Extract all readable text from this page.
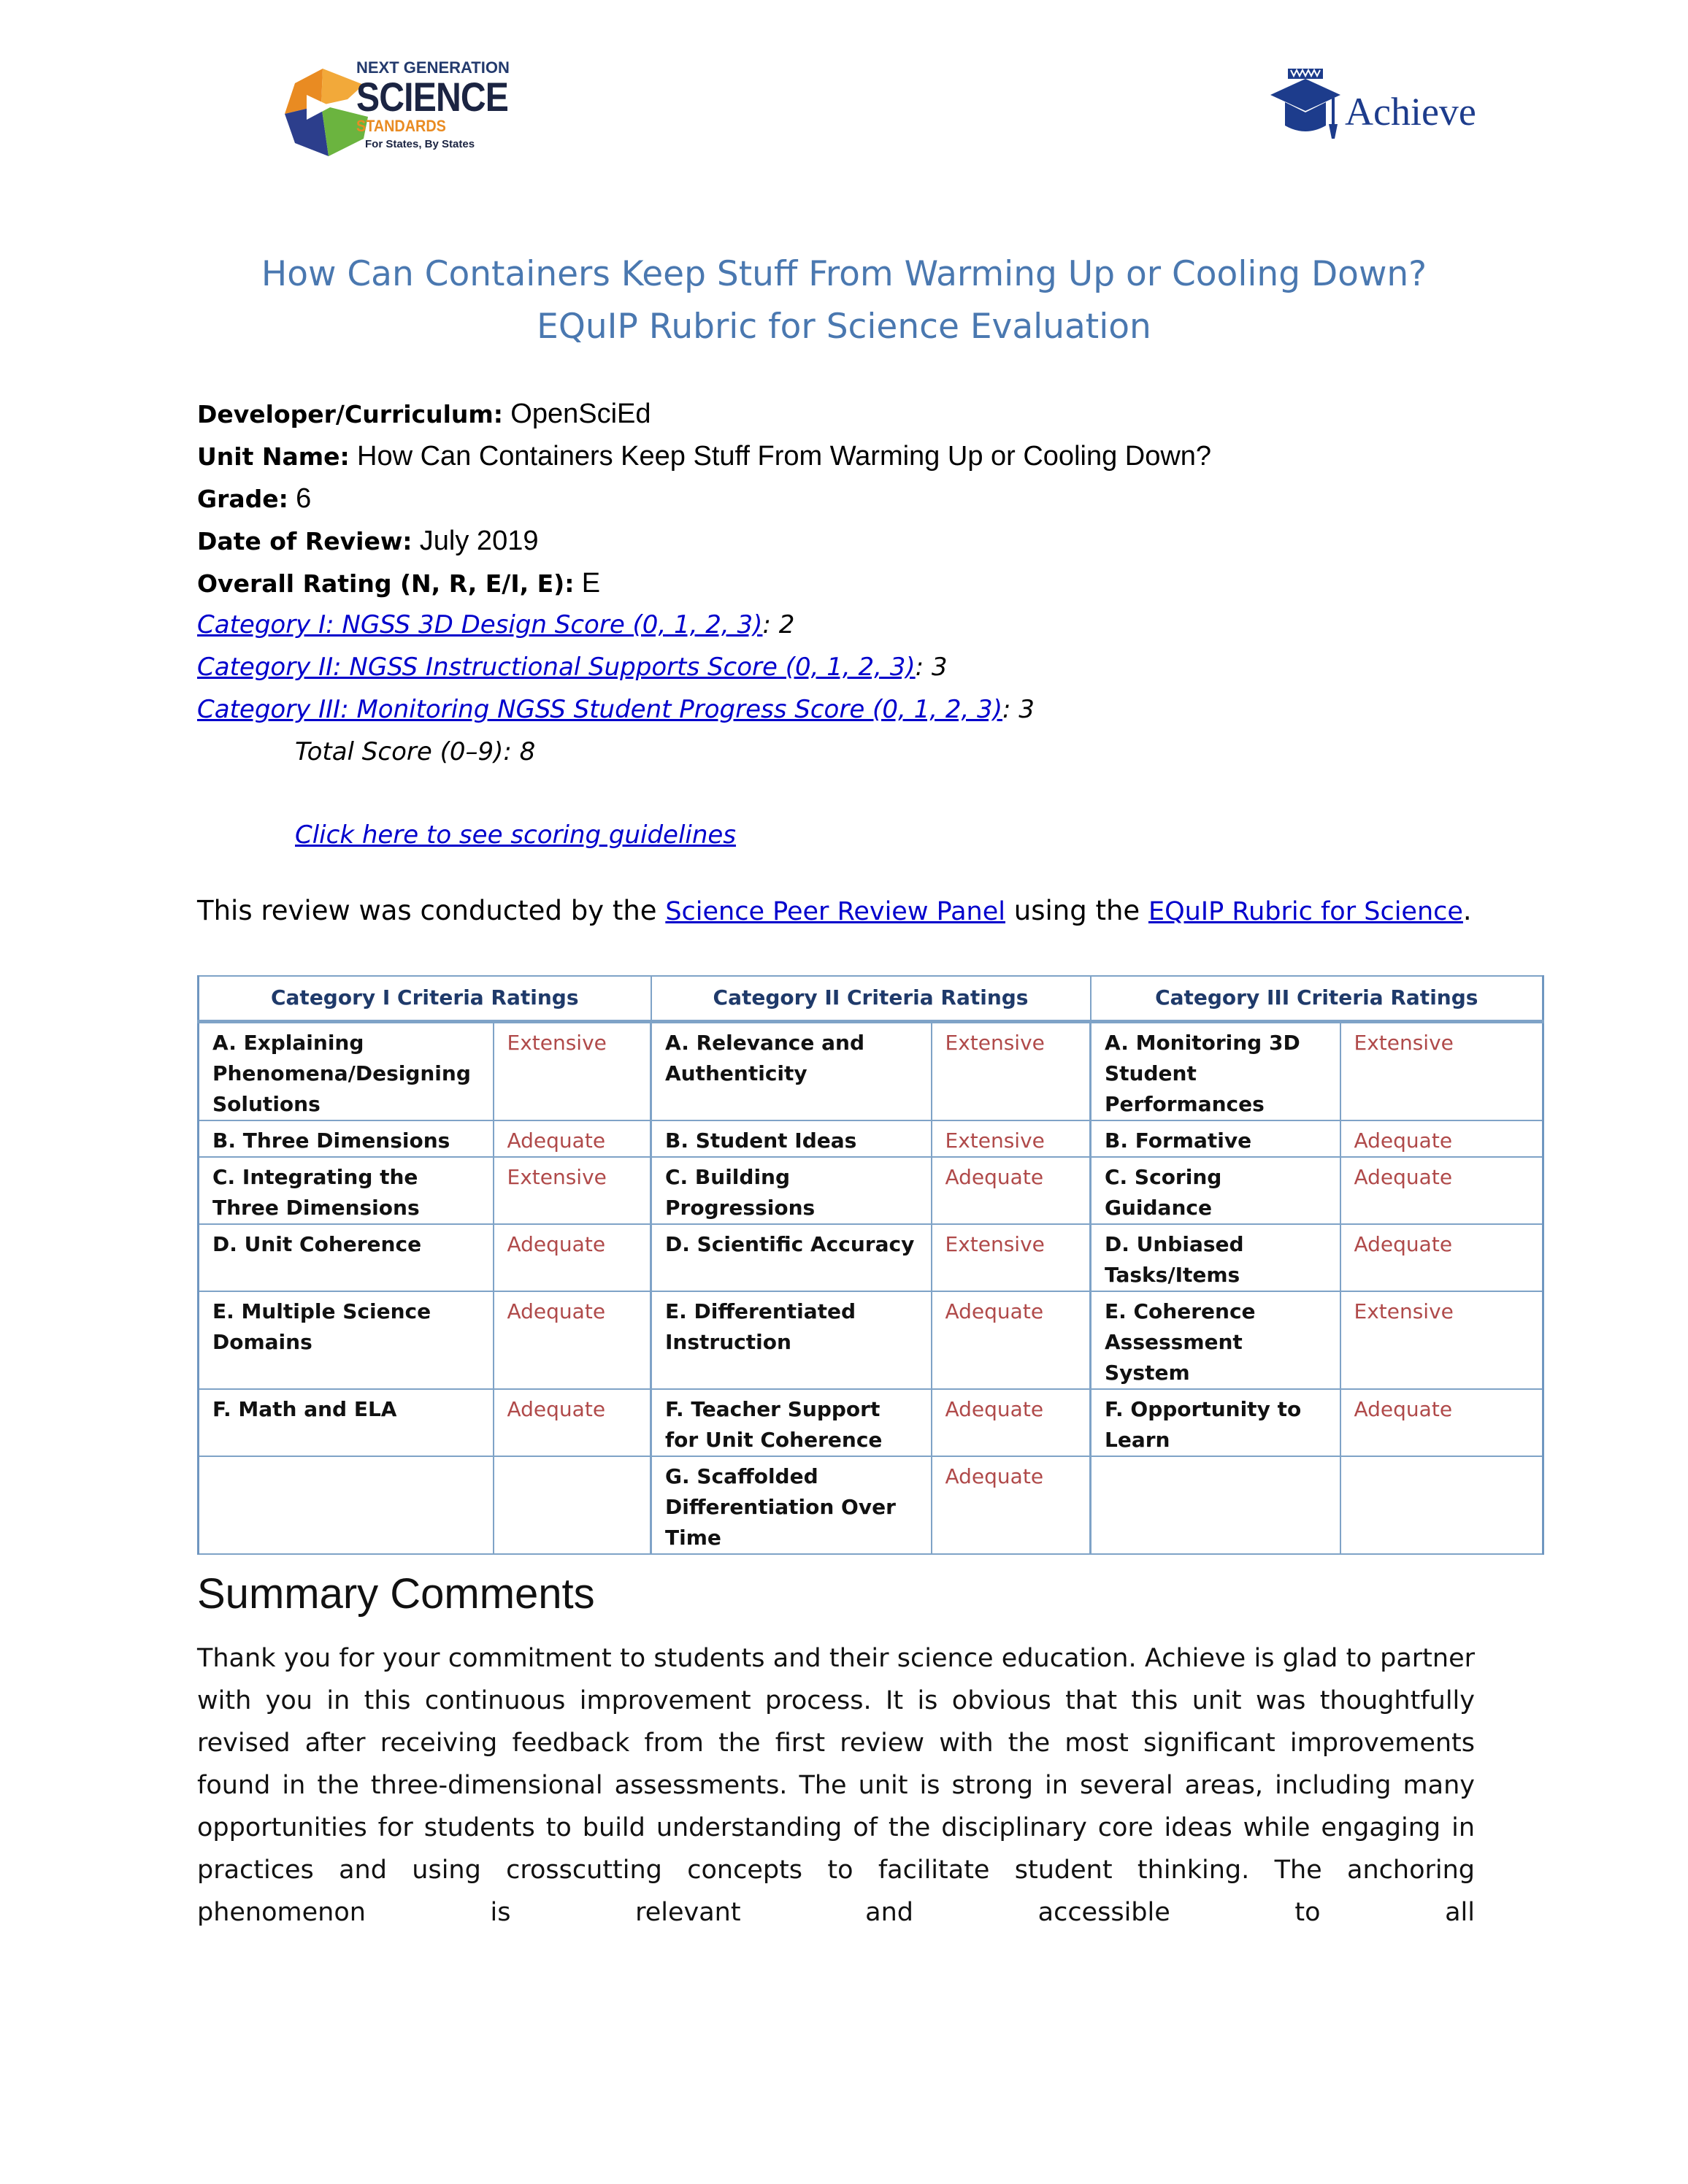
NEXT GENERATION
SCIENCE
STANDARDS
For States, By States
Achieve
How Can Containers Keep Stuff From Warming Up or Cooling Down?
EQuIP Rubric for Science Evaluation
Developer/Curriculum: OpenSciEd
Unit Name: How Can Containers Keep Stuff From Warming Up or Cooling Down?
Grade: 6
Date of Review: July 2019
Overall Rating (N, R, E/I, E): E
Category I: NGSS 3D Design Score (0, 1, 2, 3): 2
Category II: NGSS Instructional Supports Score (0, 1, 2, 3): 3
Category III: Monitoring NGSS Student Progress Score (0, 1, 2, 3): 3
Total Score (0–9): 8
Click here to see scoring guidelines
This review was conducted by the Science Peer Review Panel using the EQuIP Rubric for Science.
Category I Criteria Ratings		Category II Criteria Ratings		Category III Criteria Ratings	
A. Explaining Phenomena/Designing Solutions	Extensive	A. Relevance and Authenticity	Extensive	A. Monitoring 3D Student Performances	Extensive
B. Three Dimensions	Adequate	B. Student Ideas	Extensive	B. Formative	Adequate
C. Integrating the Three Dimensions	Extensive	C. Building Progressions	Adequate	C. Scoring Guidance	Adequate
D. Unit Coherence	Adequate	D. Scientific Accuracy	Extensive	D. Unbiased Tasks/Items	Adequate
E. Multiple Science Domains	Adequate	E. Differentiated Instruction	Adequate	E. Coherence Assessment System	Extensive
F. Math and ELA	Adequate	F. Teacher Support for Unit Coherence	Adequate	F. Opportunity to Learn	Adequate
		G. Scaffolded Differentiation Over Time	Adequate		
Summary Comments
Thank you for your commitment to students and their science education. Achieve is glad to partner with you in this continuous improvement process. It is obvious that this unit was thoughtfully revised after receiving feedback from the first review with the most significant improvements found in the three-dimensional assessments. The unit is strong in several areas, including many opportunities for students to build understanding of the disciplinary core ideas while engaging in practices and using crosscutting concepts to facilitate student thinking. The anchoring phenomenon is relevant and accessible to all
